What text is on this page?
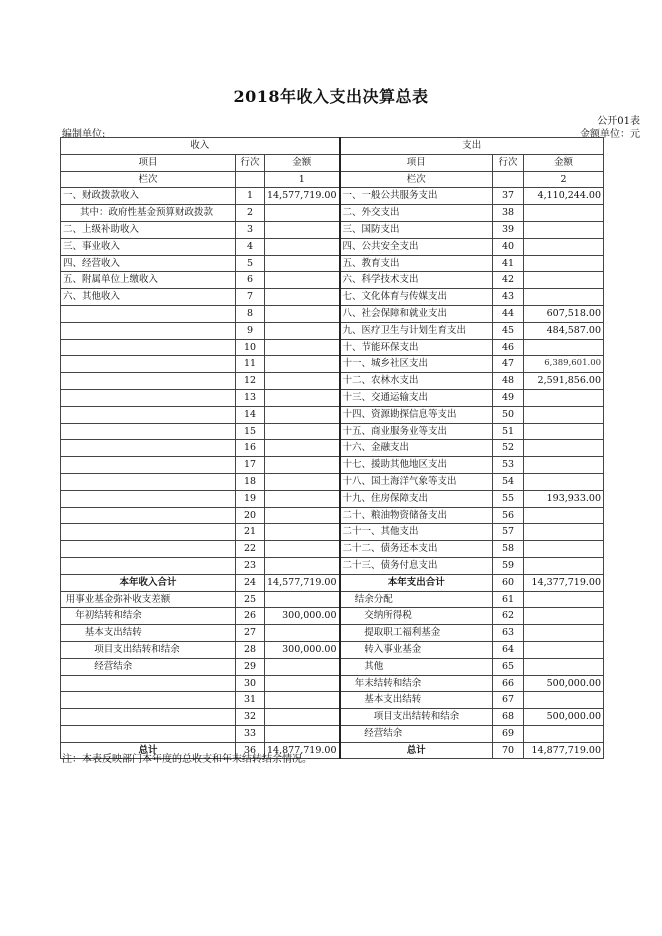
2018年收入支出决算总表
公开01表
编制单位:	金额单位：元
收入			支出		
项目	行次	金额	项目	行次	金额
栏次		1	栏次		2
一、财政拨款收入	1	14,577,719.00	一、一般公共服务支出	37	4,110,244.00
其中：政府性基金预算财政拨款	2		二、外交支出	38	
二、上级补助收入	3		三、国防支出	39	
三、事业收入	4		四、公共安全支出	40	
四、经营收入	5		五、教育支出	41	
五、附属单位上缴收入	6		六、科学技术支出	42	
六、其他收入	7		七、文化体育与传媒支出	43	
	8		八、社会保障和就业支出	44	607,518.00
	9		九、医疗卫生与计划生育支出	45	484,587.00
	10		十、节能环保支出	46	
	11		十一、城乡社区支出	47	6,389,601.00
	12		十二、农林水支出	48	2,591,856.00
	13		十三、交通运输支出	49	
	14		十四、资源勘探信息等支出	50	
	15		十五、商业服务业等支出	51	
	16		十六、金融支出	52	
	17		十七、援助其他地区支出	53	
	18		十八、国土海洋气象等支出	54	
	19		十九、住房保障支出	55	193,933.00
	20		二十、粮油物资储备支出	56	
	21		二十一、其他支出	57	
	22		二十二、债务还本支出	58	
	23		二十三、债务付息支出	59	
本年收入合计	24	14,577,719.00	本年支出合计	60	14,377,719.00
用事业基金弥补收支差额	25		结余分配	61	
年初结转和结余	26	300,000.00	交纳所得税	62	
基本支出结转	27		提取职工福利基金	63	
项目支出结转和结余	28	300,000.00	转入事业基金	64	
经营结余	29		其他	65	
	30		年末结转和结余	66	500,000.00
	31		基本支出结转	67	
	32		项目支出结转和结余	68	500,000.00
	33		经营结余	69	
总计	36	14,877,719.00	总计	70	14,877,719.00
注：本表反映部门本年度的总收支和年末结转结余情况。
